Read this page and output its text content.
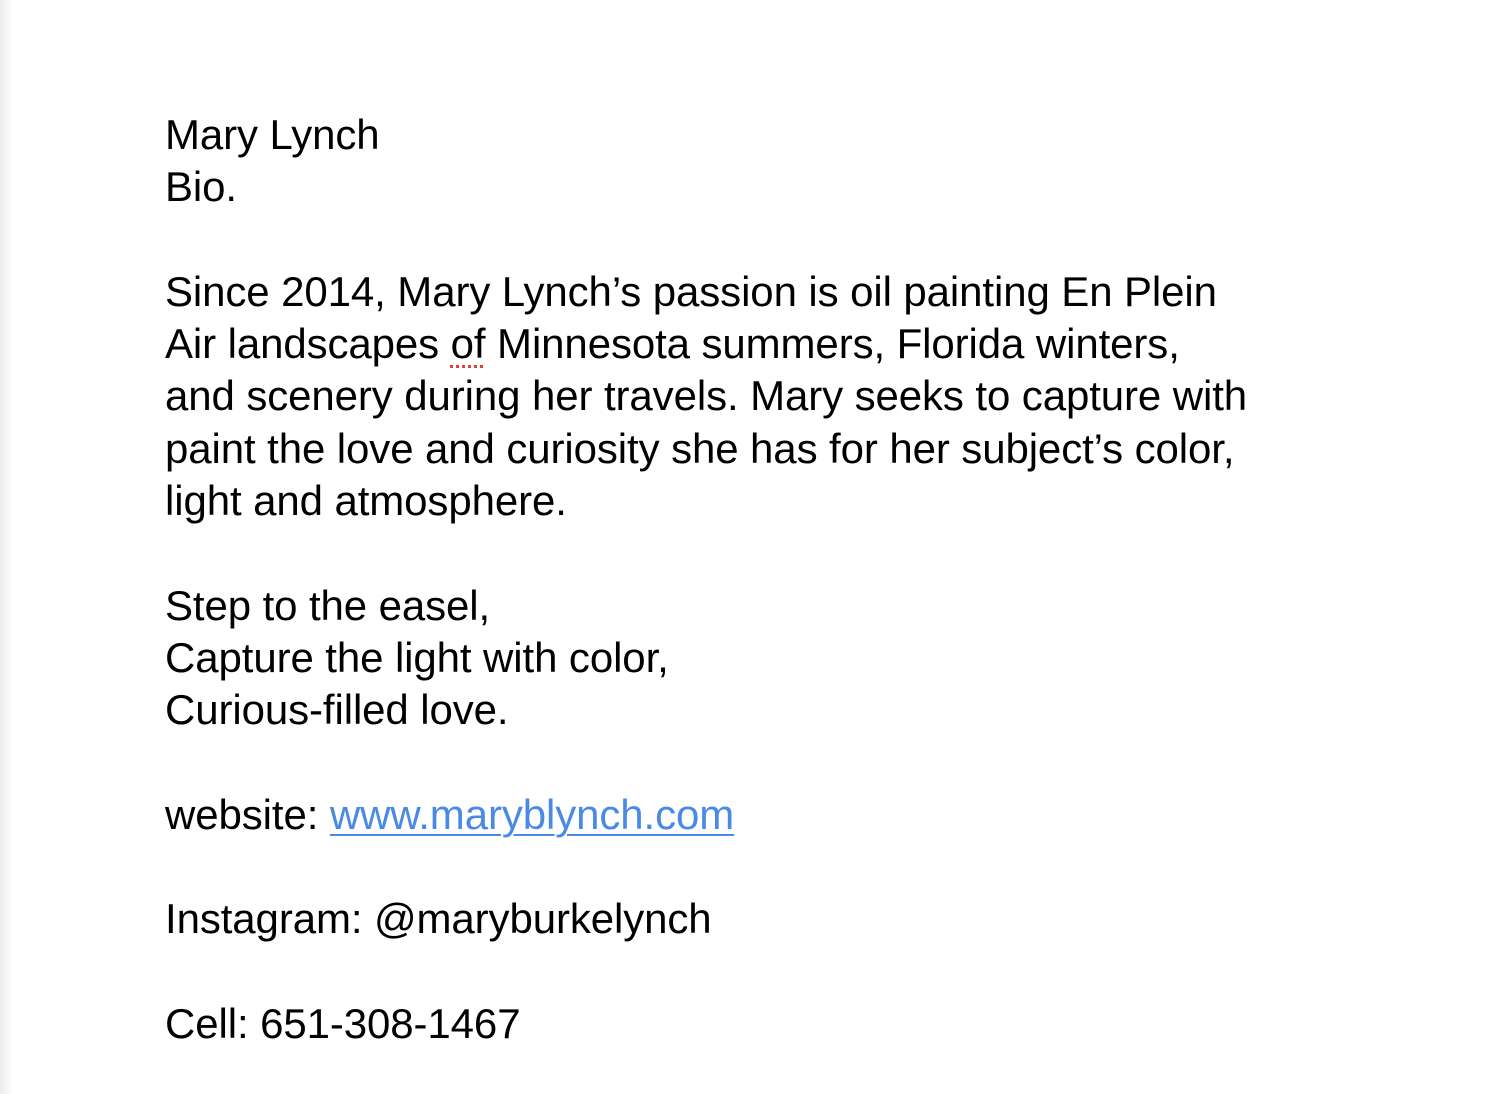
Mary Lynch
Bio.
Since 2014, Mary Lynch’s passion is oil painting En Plein
Air landscapes of Minnesota summers, Florida winters,
and scenery during her travels. Mary seeks to capture with
paint the love and curiosity she has for her subject’s color,
light and atmosphere.
Step to the easel,
Capture the light with color,
Curious-filled love.
website: www.maryblynch.com
Instagram: @maryburkelynch
Cell: 651-308-1467
